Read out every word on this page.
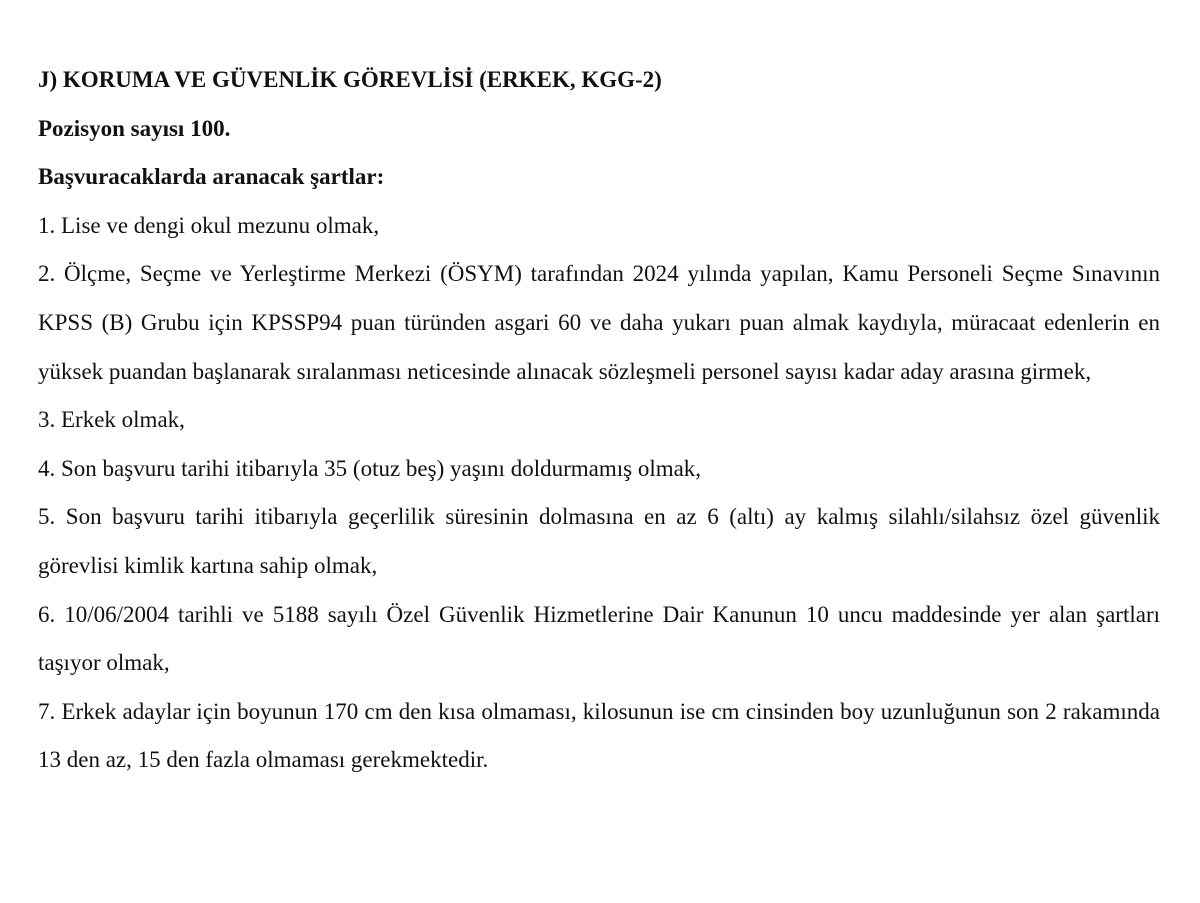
J) KORUMA VE GÜVENLİK GÖREVLİSİ (ERKEK, KGG-2)

Pozisyon sayısı 100.

Başvuracaklarda aranacak şartlar:

1. Lise ve dengi okul mezunu olmak,

2. Ölçme, Seçme ve Yerleştirme Merkezi (ÖSYM) tarafından 2024 yılında yapılan, Kamu Personeli Seçme Sınavının KPSS (B) Grubu için KPSSP94 puan türünden asgari 60 ve daha yukarı puan almak kaydıyla, müracaat edenlerin en yüksek puandan başlanarak sıralanması neticesinde alınacak sözleşmeli personel sayısı kadar aday arasına girmek,

3. Erkek olmak,

4. Son başvuru tarihi itibarıyla 35 (otuz beş) yaşını doldurmamış olmak,

5. Son başvuru tarihi itibarıyla geçerlilik süresinin dolmasına en az 6 (altı) ay kalmış silahlı/silahsız özel güvenlik görevlisi kimlik kartına sahip olmak,

6. 10/06/2004 tarihli ve 5188 sayılı Özel Güvenlik Hizmetlerine Dair Kanunun 10 uncu maddesinde yer alan şartları taşıyor olmak,

7. Erkek adaylar için boyunun 170 cm den kısa olmaması, kilosunun ise cm cinsinden boy uzunluğunun son 2 rakamında 13 den az, 15 den fazla olmaması gerekmektedir.
